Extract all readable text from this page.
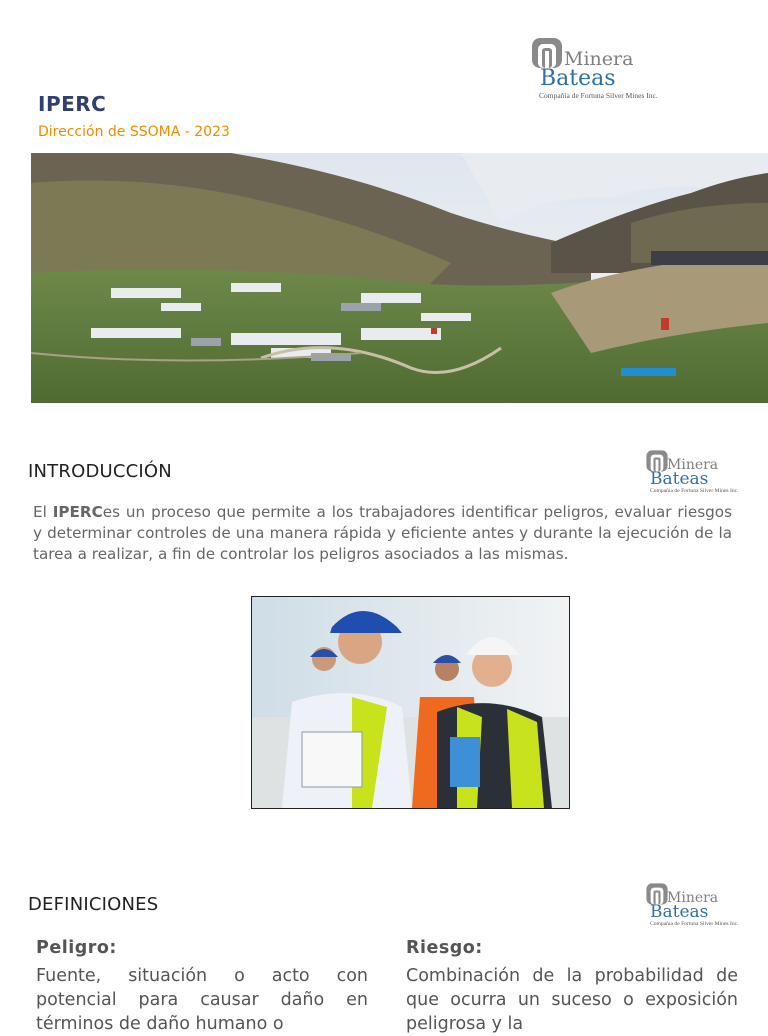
Minera
Bateas
Compañía de Fortuna Silver Mines Inc.
IPERC
Dirección de SSOMA - 2023
INTRODUCCIÓN	Minera
Bateas
Compañía de Fortuna Silver Mines Inc.
El IPERCes un proceso que permite a los trabajadores identificar peligros, evaluar riesgos y determinar controles de una manera rápida y eficiente antes y durante la ejecución de la tarea a realizar, a fin de controlar los peligros asociados a las mismas.
DEFINICIONES	Minera
Bateas
Compañía de Fortuna Silver Mines Inc.
Peligro:
Fuente, situación o acto con potencial para causar daño en términos de daño humano o
Riesgo:
Combinación de la probabilidad de que ocurra un suceso o exposición peligrosa y la
